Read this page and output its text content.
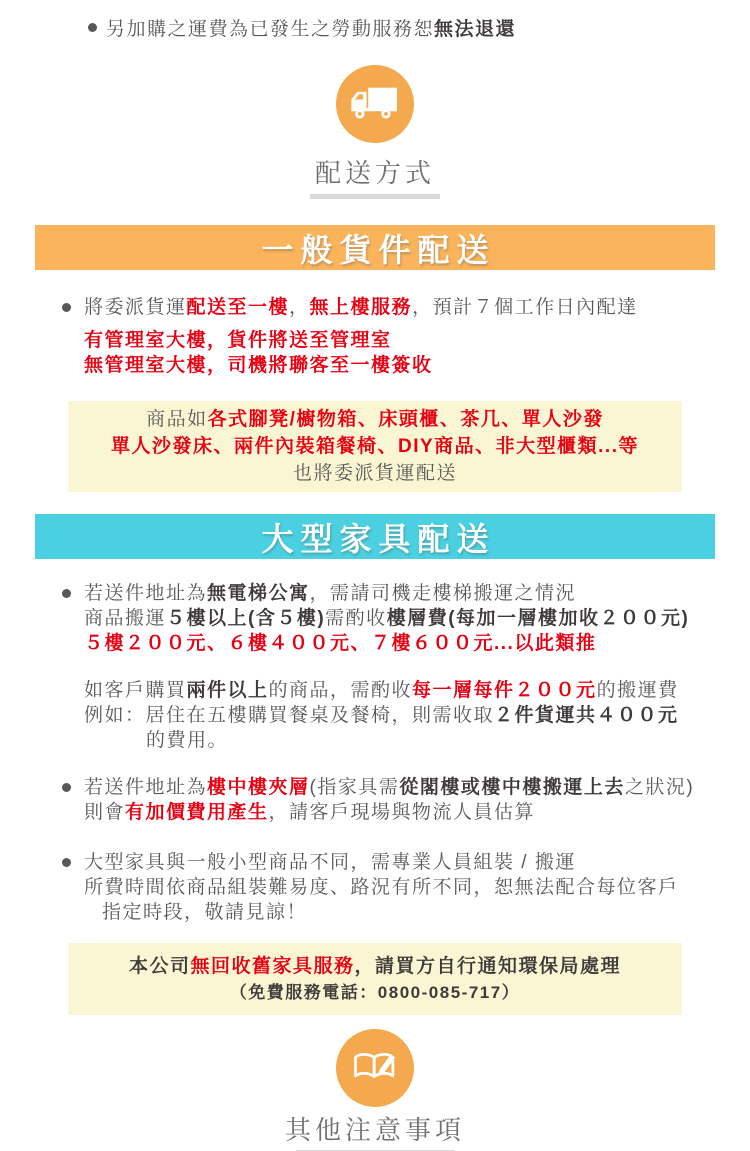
另加購之運費為已發生之勞動服務恕無法退還
配送方式
一般貨件配送
將委派貨運配送至一樓，無上樓服務，預計７個工作日內配達
有管理室大樓，貨件將送至管理室
無管理室大樓，司機將聯客至一樓簽收
商品如各式腳凳/櫥物箱、床頭櫃、茶几、單人沙發
單人沙發床、兩件內裝箱餐椅、DIY商品、非大型櫃類...等
也將委派貨運配送
大型家具配送
若送件地址為無電梯公寓，需請司機走樓梯搬運之情況
商品搬運５樓以上(含５樓)需酌收樓層費(每加一層樓加收２００元)
５樓２００元、６樓４００元、７樓６００元...以此類推
如客戶購買兩件以上的商品，需酌收每一層每件２００元的搬運費
例如：居住在五樓購買餐桌及餐椅，則需收取２件貨運共４００元
的費用。
若送件地址為樓中樓夾層(指家具需從閣樓或樓中樓搬運上去之狀況)
則會有加價費用產生，請客戶現場與物流人員估算
大型家具與一般小型商品不同，需專業人員組裝 / 搬運
所費時間依商品組裝難易度、路況有所不同，恕無法配合每位客戶
指定時段，敬請見諒！
本公司無回收舊家具服務，請買方自行通知環保局處理
（免費服務電話：0800-085-717）
其他注意事項
